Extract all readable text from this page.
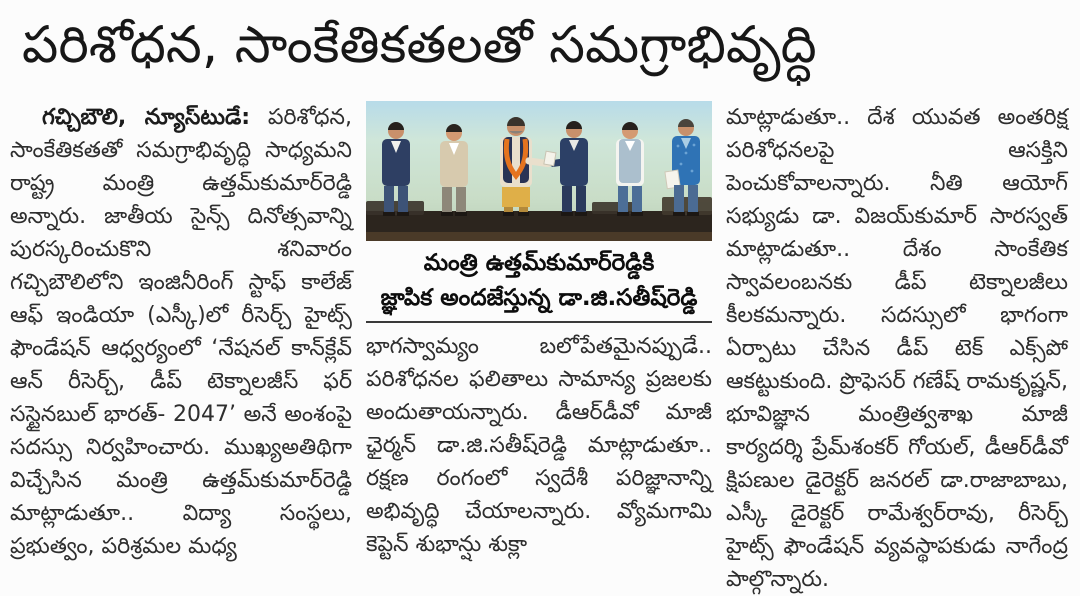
పరిశోధన, సాంకేతికతలతో సమగ్రాభివృద్ధి

గచ్చిబౌలి, న్యూస్‌టుడే: పరిశోధన, సాంకేతికతతో సమగ్రాభివృద్ధి సాధ్యమని రాష్ట్ర మంత్రి ఉత్తమ్‌కుమార్‌రెడ్డి అన్నారు. జాతీయ సైన్స్ దినోత్సవాన్ని పురస్కరించుకొని శనివారం గచ్చిబౌలిలోని ఇంజినీరింగ్ స్టాఫ్ కాలేజ్ ఆఫ్ ఇండియా (ఎస్కీ)లో రీసెర్చ్ హైట్స్ ఫౌండేషన్ ఆధ్వర్యంలో ‘నేషనల్ కాన్‌క్లేవ్ ఆన్ రీసెర్చ్, డీప్ టెక్నాలజీస్ ఫర్ సస్టైనబుల్ భారత్- 2047’ అనే అంశంపై సదస్సు నిర్వహించారు. ముఖ్యఅతిథిగా విచ్చేసిన మంత్రి ఉత్తమ్‌కుమార్‌రెడ్డి మాట్లాడుతూ.. విద్యా సంస్థలు, ప్రభుత్వం, పరిశ్రమల మధ్య

మంత్రి ఉత్తమ్‌కుమార్‌రెడ్డికి
జ్ఞాపిక అందజేస్తున్న డా.జి.సతీష్‌రెడ్డి

భాగస్వామ్యం బలోపేతమైనప్పుడే.. పరిశోధనల ఫలితాలు సామాన్య ప్రజలకు అందుతాయన్నారు. డీఆర్‌డీవో మాజీ ఛైర్మన్ డా.జి.సతీష్‌రెడ్డి మాట్లాడుతూ.. రక్షణ రంగంలో స్వదేశీ పరిజ్ఞానాన్ని అభివృద్ధి చేయాలన్నారు. వ్యోమగామి కెప్టెన్ శుభాన్షు శుక్లా

మాట్లాడుతూ.. దేశ యువత అంతరిక్ష పరిశోధనలపై ఆసక్తిని పెంచుకోవాలన్నారు. నీతి ఆయోగ్ సభ్యుడు డా. విజయ్‌కుమార్ సారస్వత్ మాట్లాడుతూ.. దేశం సాంకేతిక స్వావలంబనకు డీప్ టెక్నాలజీలు కీలకమన్నారు. సదస్సులో భాగంగా ఏర్పాటు చేసిన డీప్ టెక్ ఎక్స్‌పో ఆకట్టుకుంది. ప్రొఫెసర్ గణేష్ రామకృష్ణన్, భూవిజ్ఞాన మంత్రిత్వశాఖ మాజీ కార్యదర్శి ప్రేమ్‌శంకర్ గోయల్, డీఆర్‌డీవో క్షిపణుల డైరెక్టర్ జనరల్ డా.రాజాబాబు, ఎస్కీ డైరెక్టర్ రామేశ్వర్‌రావు, రీసెర్చ్ హైట్స్ ఫౌండేషన్ వ్యవస్థాపకుడు నాగేంద్ర పాల్గొన్నారు.
